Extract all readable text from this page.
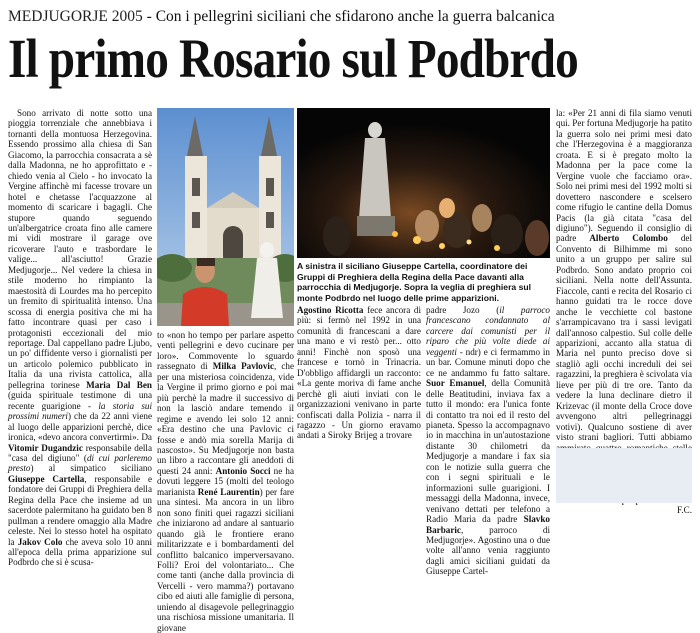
MEDJUGORJE 2005 - Con i pellegrini siciliani che sfidarono anche la guerra balcanica
Il primo Rosario sul Podbrdo

Sono arrivato di notte sotto una pioggia torrenziale che annebbiava i tornanti della montuosa Herzegovina. Essendo prossimo alla chiesa di San Giacomo, la parrocchia consacrata a sè dalla Madonna, ne ho approfittato e - chiedo venia al Cielo - ho invocato la Vergine affinchè mi facesse trovare un hotel e chetasse l'acquazzone al momento di scaricare i bagagli. Che stupore quando seguendo un'albergatrice croata fino alle camere mi vidi mostrare il garage ove ricoverare l'auto e trasbordare le valige... all'asciutto! Grazie Medjugorje... Nel vedere la chiesa in stile moderno ho rimpianto la maestosità di Lourdes ma ho percepito un fremito di spiritualità intenso. Una scossa di energia positiva che mi ha fatto incontrare quasi per caso i protagonisti eccezionali del mio reportage. Dal cappellano padre Ljubo, un po' diffidente verso i giornalisti per un articolo polemico pubblicato in Italia da una rivista cattolica, alla pellegrina torinese Maria Dal Ben (guida spirituale testimone di una recente guarigione - la storia sui prossimi numeri) che da 22 anni viene al luogo delle apparizioni perchè, dice ironica, «devo ancora convertirmi». Da Vitomir Dugandzic responsabile della "casa del digiuno" (di cui parleremo presto) al simpatico siciliano Giuseppe Cartella, responsabile e fondatore dei Gruppi di Preghiera della Regina della Pace che insieme ad un sacerdote palermitano ha guidato ben 8 pullman a rendere omaggio alla Madre celeste. Nei lo stesso hotel ha ospitato la Jakov Colo che aveva solo 10 anni all'epoca della prima apparizione sul Podbrdo che si è scusa-

A sinistra il siciliano Giuseppe Cartella, coordinatore dei Gruppi di Preghiera della Regina della Pace davanti alla parrocchia di Medjugorje. Sopra la veglia di preghiera sul monte Podbrdo nel luogo delle prime apparizioni.

to «non ho tempo per parlare aspetto venti pellegrini e devo cucinare per loro». Commovente lo sguardo rassegnato di Milka Pavlovic, che per una misteriosa coincidenza, vide la Vergine il primo giorno e poi mai più perchè la madre il successivo di non la lasciò andare temendo il regime e avendo lei solo 12 anni: «Era destino che una Pavlovic ci fosse e andò mia sorella Marija di nascosto». Su Medjugorje non basta un libro a raccontare gli aneddoti di questi 24 anni: Antonio Socci ne ha dovuti leggere 15 (molti del teologo marianista René Laurentin) per fare una sintesi. Ma ancora in un libro non sono finiti quei ragazzi siciliani che iniziarono ad andare al santuario quando già le frontiere erano militarizzate e i bombardamenti del conflitto balcanico imperversavano. Folli? Eroi del volontariato... Che come tanti (anche dalla provincia di Vercelli - vero mamma?) portavano cibo ed aiuti alle famiglie di persona, uniendo al disagevole pellegrinaggio una rischiosa missione umanitaria. Il giovane

Agostino Ricotta fece ancora di più: si fermò nel 1992 in una comunità di francescani a dare una mano e vi restò per... otto anni! Finchè non sposò una francese e tornò in Trinacria. D'obbligo affidargli un racconto: «La gente moriva di fame anche perchè gli aiuti inviati con le organizzazioni venivano in parte confiscati dalla Polizia - narra il ragazzo - Un giorno eravamo andati a Siroky Brijeg a trovare

padre Jozo (il parroco francescano condannato al carcere dai comunisti per il riparo che più volte diede ai veggenti - ndr) e ci fermammo in un bar. Comune minuti dopo che ce ne andammo fu fatto saltare. Suor Emanuel, della Comunità delle Beatitudini, inviava fax a tutto il mondo: era l'unica fonte di contatto tra noi ed il resto del pianeta. Spesso la accompagnavo io in macchina in un'autostazione distante 30 chilometri da Medjugorje a mandare i fax sia con le notizie sulla guerra che con i segni spirituali e le informazioni sulle guarigioni. I messaggi della Madonna, invece, venivano dettati per telefono a Radio Maria da padre Slavko Barbaric, parroco di Medjugorje». Agostino una o due volte all'anno venia raggiunto dagli amici siciliani guidati da Giuseppe Cartel-

la: «Per 21 anni di fila siamo venuti qui. Per fortuna Medjugorje ha patito la guerra solo nei primi mesi dato che l'Herzegovina è a maggioranza croata. E si è pregato molto la Madonna per la pace come la Vergine vuole che facciamo ora». Solo nei primi mesi del 1992 molti si dovettero nascondere e scelsero come rifugio le cantine della Domus Pacis (la già citata "casa del digiuno"). Seguendo il consiglio di padre Alberto Colombo del Convento di Bilhimme mi sono unito a un gruppo per salire sul Podbrdo. Sono andato proprio coi siciliani. Nella notte dell'Assunta. Fiaccole, canti e recita del Rosario ci hanno guidati tra le rocce dove anche le vecchiette col bastone s'arrampicavano tra i sassi levigati dall'annoso calpestio. Sul colle delle apparizioni, accanto alla statua di Maria nel punto preciso dove si stagliò agli occhi increduli dei sei ragazzini, la preghiera è scivolata via lieve per più di tre ore. Tanto da vedere la luna declinare dietro il Krizevac (il monte della Croce dove avvengono altri pellegrinaggi votivi). Qualcuno sostiene di aver visto strani bagliori. Tutti abbiamo

F.C.
